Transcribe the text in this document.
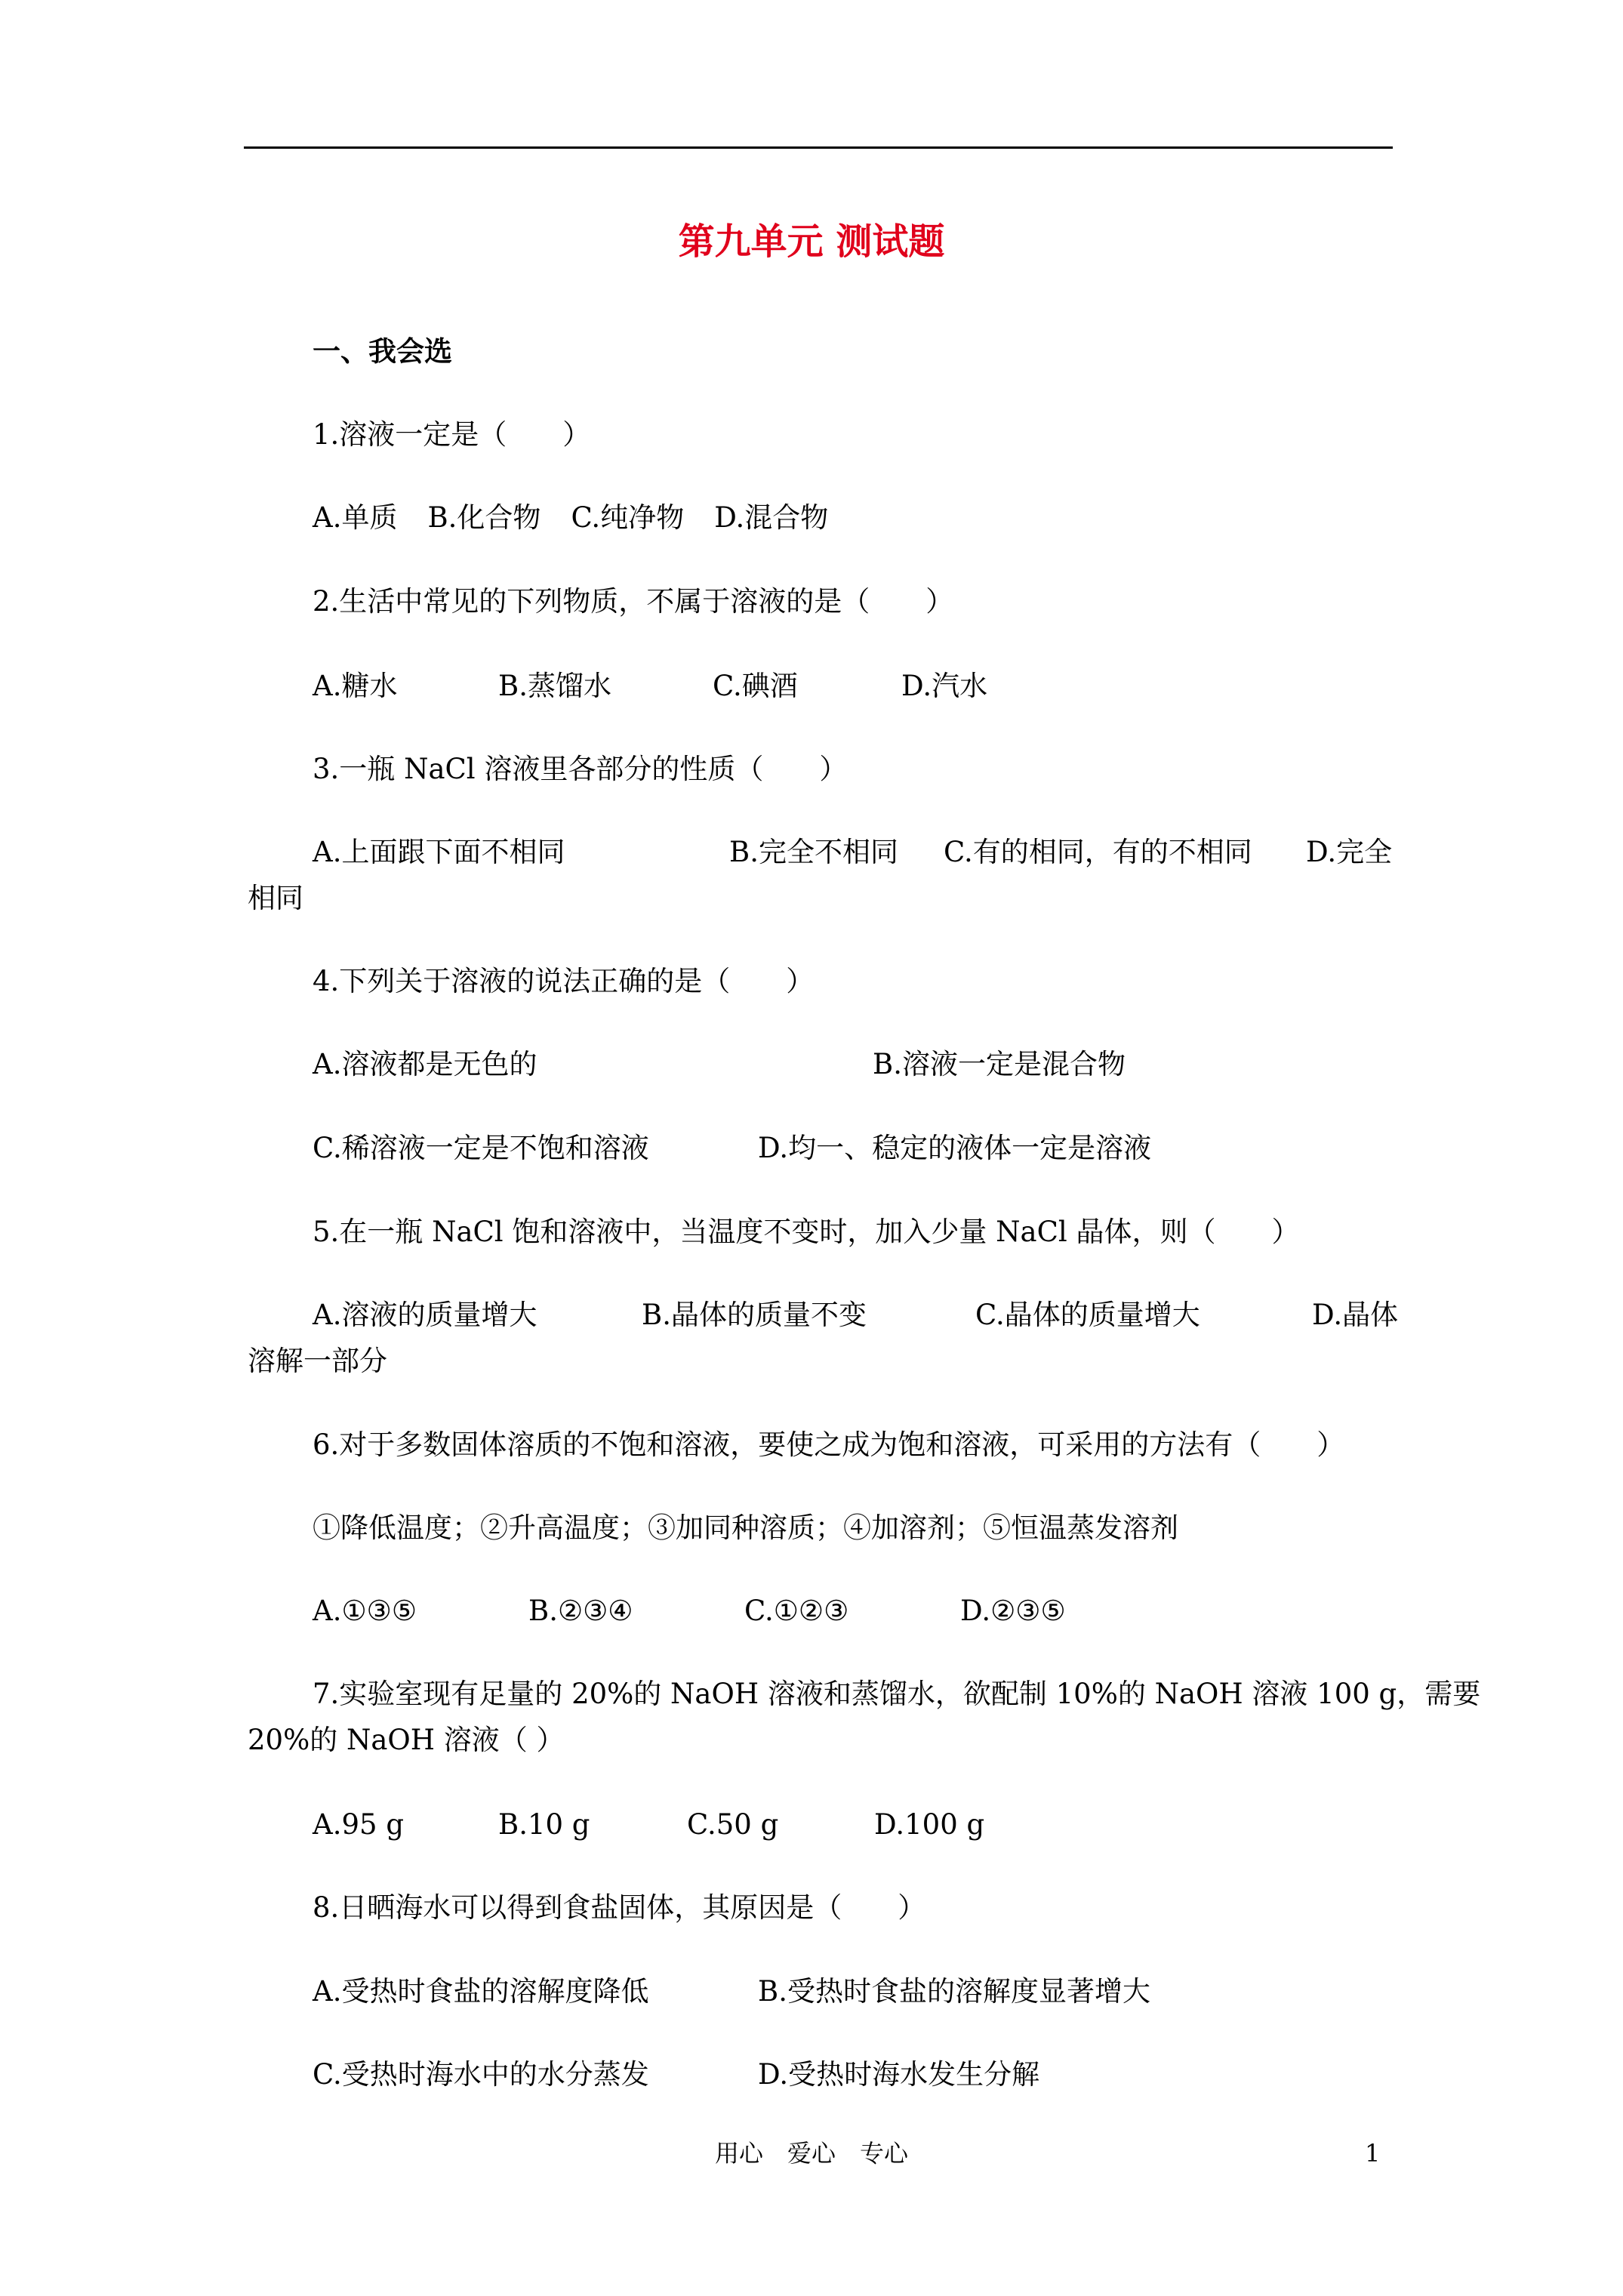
第九单元 测试题
一、我会选
1.溶液一定是（　　）
A.单质 B.化合物 C.纯净物 D.混合物
2.生活中常见的下列物质，不属于溶液的是（　　）
A.糖水	B.蒸馏水	C.碘酒	D.汽水
3.一瓶 NaCl 溶液里各部分的性质（　　）
A.上面跟下面不相同	B.完全不相同 C.有的相同，有的不相同 D.完全
相同
4.下列关于溶液的说法正确的是（　　）
A.溶液都是无色的	B.溶液一定是混合物
C.稀溶液一定是不饱和溶液	D.均一、稳定的液体一定是溶液
5.在一瓶 NaCl 饱和溶液中，当温度不变时，加入少量 NaCl 晶体，则（　　）
A.溶液的质量增大	B.晶体的质量不变	C.晶体的质量增大	D.晶体
溶解一部分
6.对于多数固体溶质的不饱和溶液，要使之成为饱和溶液，可采用的方法有（　　）
①降低温度；②升高温度；③加同种溶质；④加溶剂；⑤恒温蒸发溶剂
A.①③⑤	B.②③④	C.①②③	D.②③⑤
7.实验室现有足量的 20%的 NaOH 溶液和蒸馏水，欲配制 10%的 NaOH 溶液 100 g，需要
20%的 NaOH 溶液（ ）
A.95 g	B.10 g	C.50 g	D.100 g
8.日晒海水可以得到食盐固体，其原因是（　　）
A.受热时食盐的溶解度降低	B.受热时食盐的溶解度显著增大
C.受热时海水中的水分蒸发	D.受热时海水发生分解
用心　爱心　专心	1
